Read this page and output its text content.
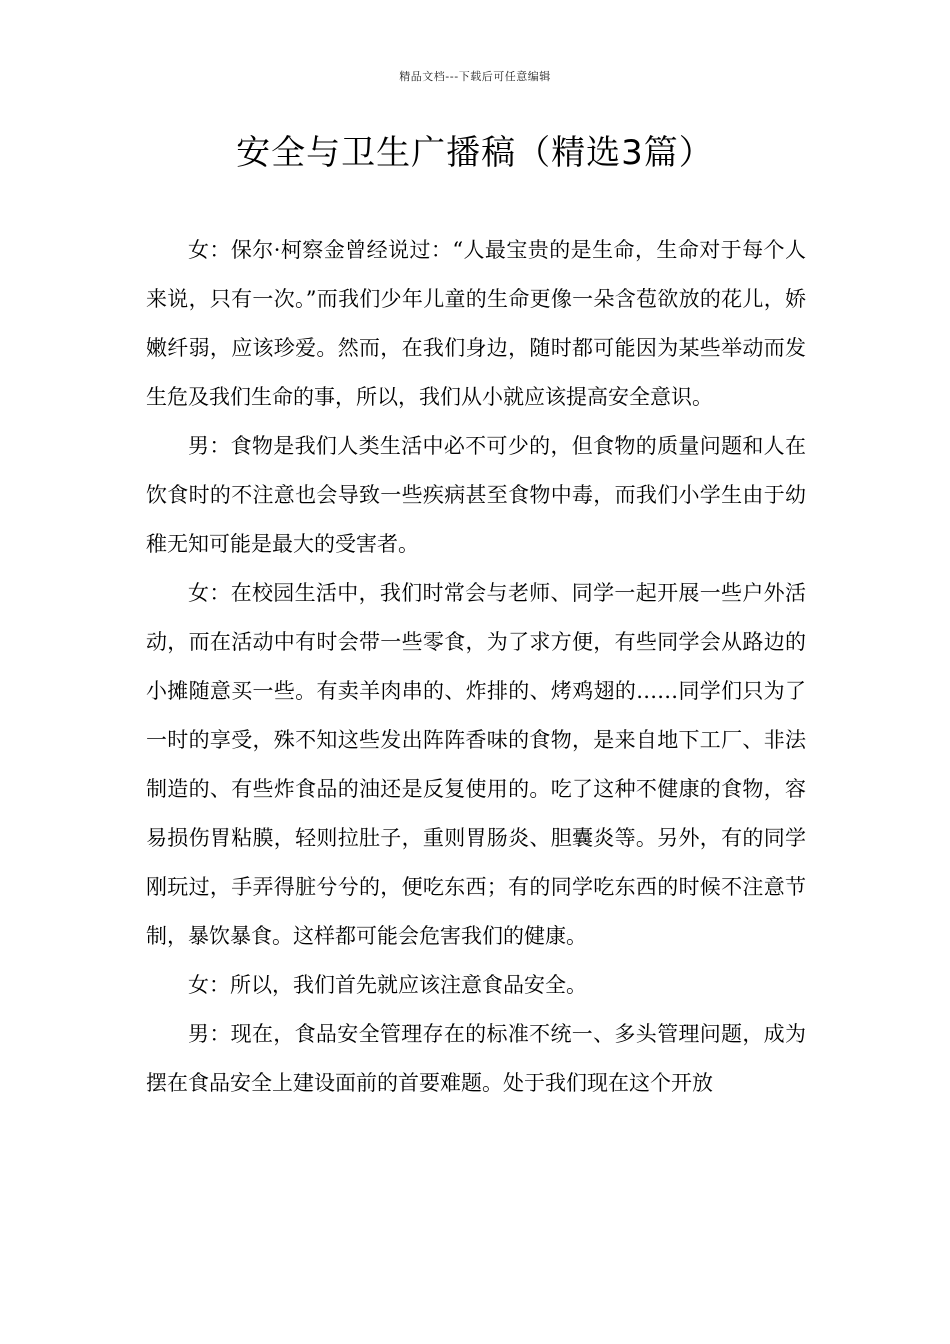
精品文档---下载后可任意编辑
安全与卫生广播稿（精选3篇）

女：保尔·柯察金曾经说过：“人最宝贵的是生命，生命对于每个人来说，只有一次。”而我们少年儿童的生命更像一朵含苞欲放的花儿，娇嫩纤弱，应该珍爱。然而，在我们身边，随时都可能因为某些举动而发生危及我们生命的事，所以，我们从小就应该提高安全意识。

男：食物是我们人类生活中必不可少的，但食物的质量问题和人在饮食时的不注意也会导致一些疾病甚至食物中毒，而我们小学生由于幼稚无知可能是最大的受害者。

女：在校园生活中，我们时常会与老师、同学一起开展一些户外活动，而在活动中有时会带一些零食，为了求方便，有些同学会从路边的小摊随意买一些。有卖羊肉串的、炸排的、烤鸡翅的……同学们只为了一时的享受，殊不知这些发出阵阵香味的食物，是来自地下工厂、非法制造的、有些炸食品的油还是反复使用的。吃了这种不健康的食物，容易损伤胃粘膜，轻则拉肚子，重则胃肠炎、胆囊炎等。另外，有的同学刚玩过，手弄得脏兮兮的，便吃东西；有的同学吃东西的时候不注意节制，暴饮暴食。这样都可能会危害我们的健康。

女：所以，我们首先就应该注意食品安全。

男：现在，食品安全管理存在的标准不统一、多头管理问题，成为摆在食品安全上建设面前的首要难题。处于我们现在这个开放
